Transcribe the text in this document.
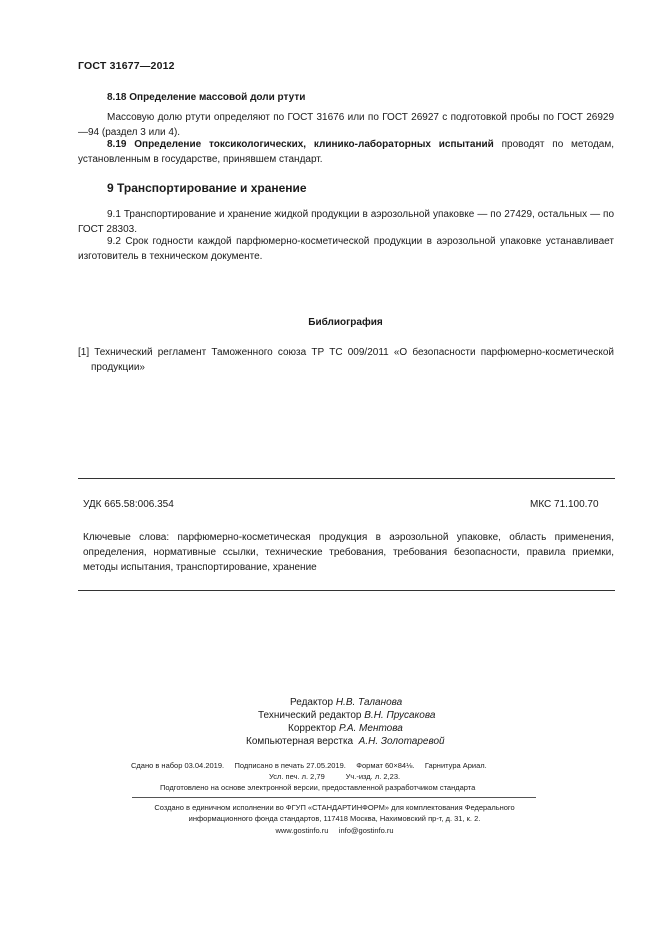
ГОСТ 31677—2012
8.18 Определение массовой доли ртути
Массовую долю ртути определяют по ГОСТ 31676 или по ГОСТ 26927 с подготовкой пробы по ГОСТ 26929—94 (раздел 3 или 4).
8.19 Определение токсикологических, клинико-лабораторных испытаний проводят по методам, установленным в государстве, принявшем стандарт.
9 Транспортирование и хранение
9.1 Транспортирование и хранение жидкой продукции в аэрозольной упаковке — по 27429, остальных — по ГОСТ 28303.
9.2 Срок годности каждой парфюмерно-косметической продукции в аэрозольной упаковке устанавливает изготовитель в техническом документе.
Библиография
[1] Технический регламент Таможенного союза ТР ТС 009/2011 «О безопасности парфюмерно-косметической продукции»
УДК 665.58:006.354	МКС 71.100.70
Ключевые слова: парфюмерно-косметическая продукция в аэрозольной упаковке, область применения, определения, нормативные ссылки, технические требования, требования безопасности, правила приемки, методы испытания, транспортирование, хранение
Редактор Н.В. Таланова
Технический редактор В.Н. Прусакова
Корректор Р.А. Ментова
Компьютерная верстка А.Н. Золотаревой
Сдано в набор 03.04.2019.     Подписано в печать 27.05.2019.     Формат 60×84⅛.     Гарнитура Ариал.
Усл. печ. л. 2,79          Уч.-изд. л. 2,23.
Подготовлено на основе электронной версии, предоставленной разработчиком стандарта
Создано в единичном исполнении во ФГУП «СТАНДАРТИНФОРМ» для комплектования Федерального
информационного фонда стандартов, 117418 Москва, Нахимовский пр-т, д. 31, к. 2.
www.gostinfo.ru     info@gostinfo.ru
